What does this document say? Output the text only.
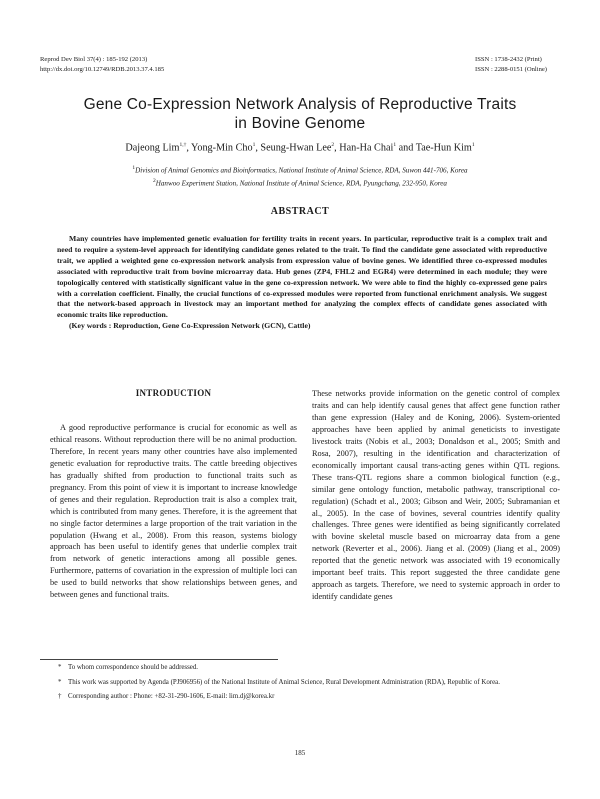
Reprod Dev Biol 37(4) : 185-192 (2013)
http://dx.doi.org/10.12749/RDB.2013.37.4.185
ISSN : 1738-2432 (Print)
ISSN : 2288-0151 (Online)
Gene Co-Expression Network Analysis of Reproductive Traits
in Bovine Genome
Dajeong Lim$^{1,\dagger}$, Yong-Min Cho$^1$, Seung-Hwan Lee$^2$, Han-Ha Chai$^1$ and Tae-Hun Kim$^1$
$^1$Division of Animal Genomics and Bioinformatics, National Institute of Animal Science, RDA, Suwon 441-706, Korea
$^2$Hanwoo Experiment Station, National Institute of Animal Science, RDA, Pyungchang, 232-950, Korea
ABSTRACT

Many countries have implemented genetic evaluation for fertility traits in recent years. In particular, reproductive trait is a complex trait and need to require a system-level approach for identifying candidate genes related to the trait. To find the candidate gene associated with reproductive trait, we applied a weighted gene co-expression network analysis from expression value of bovine genes. We identified three co-expressed modules associated with reproductive trait from bovine microarray data. Hub genes (ZP4, FHL2 and EGR4) were determined in each module; they were topologically centered with statistically significant value in the gene co-expression network. We were able to find the highly co-expressed gene pairs with a correlation coefficient. Finally, the crucial functions of co-expressed modules were reported from functional enrichment analysis. We suggest that the network-based approach in livestock may an important method for analyzing the complex effects of candidate genes associated with economic traits like reproduction.

(Key words : Reproduction, Gene Co-Expression Network (GCN), Cattle)

INTRODUCTION

A good reproductive performance is crucial for economic as well as ethical reasons. Without reproduction there will be no animal production. Therefore, In recent years many other countries have also implemented genetic evaluation for reproductive traits. The cattle breeding objectives has gradually shifted from production to functional traits such as pregnancy. From this point of view it is important to increase knowledge of genes and their regulation. Reproduction trait is also a complex trait, which is contributed from many genes. Therefore, it is the agreement that no single factor determines a large proportion of the trait variation in the population (Hwang et al., 2008). From this reason, systems biology approach has been useful to identify genes that underlie complex trait from network of genetic interactions among all possible genes. Furthermore, patterns of covariation in the expression of multiple loci can be used to build networks that show relationships between genes, and between genes and functional traits.

These networks provide information on the genetic control of complex traits and can help identify causal genes that affect gene function rather than gene expression (Haley and de Koning, 2006). System-oriented approaches have been applied by animal geneticists to investigate livestock traits (Nobis et al., 2003; Donaldson et al., 2005; Smith and Rosa, 2007), resulting in the identification and characterization of economically important causal trans-acting genes within QTL regions. These trans-QTL regions share a common biological function (e.g., similar gene ontology function, metabolic pathway, transcriptional co-regulation) (Schadt et al., 2003; Gibson and Weir, 2005; Subramanian et al., 2005). In the case of bovines, several countries identify quality challenges. Three genes were identified as being significantly correlated with bovine skeletal muscle based on microarray data from a gene network (Reverter et al., 2006). Jiang et al. (2009) (Jiang et al., 2009) reported that the genetic network was associated with 19 economically important beef traits. This report suggested the three candidate gene approach as targets. Therefore, we need to systemic approach in order to identify candidate genes

* To whom correspondence should be addressed.
* This work was supported by Agenda (PJ906956) of the National Institute of Animal Science, Rural Development Administration (RDA), Republic of Korea.
† Corresponding author : Phone: +82-31-290-1606, E-mail: lim.dj@korea.kr
185
